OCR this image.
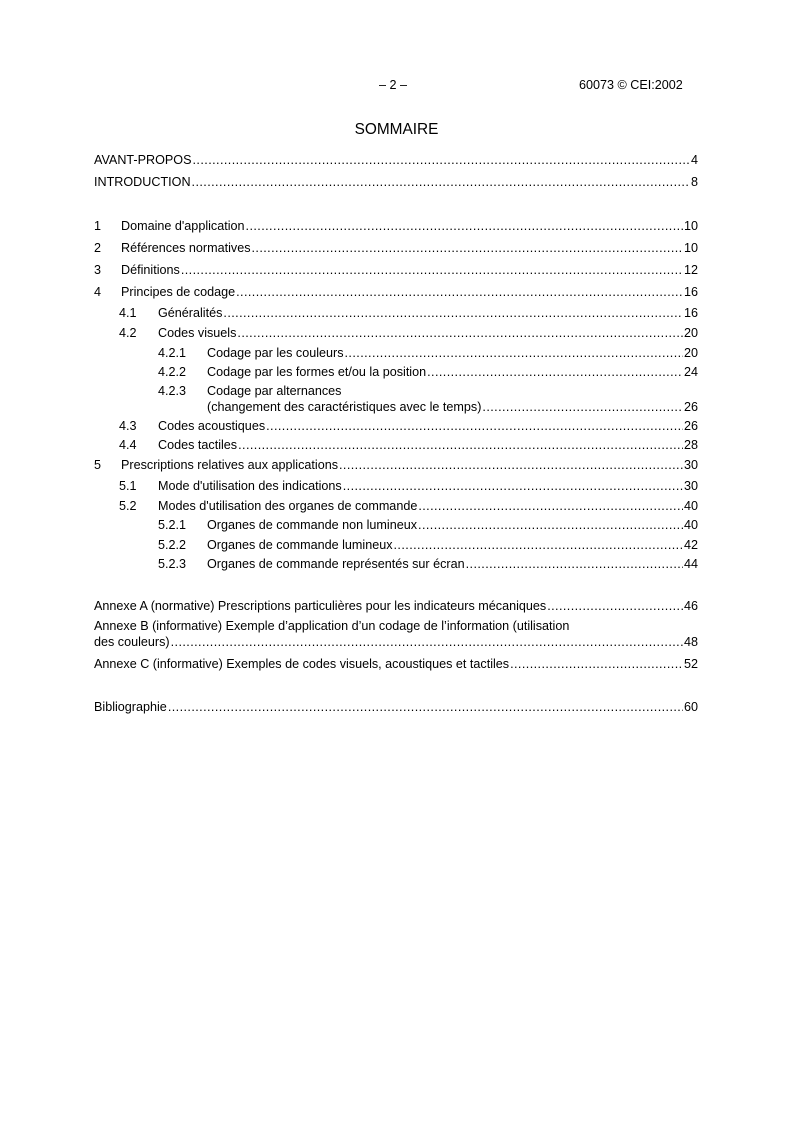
– 2 –	60073 © CEI:2002
SOMMAIRE
AVANT-PROPOS .....	4
INTRODUCTION .....	8
1	Domaine d'application .....	10
2	Références normatives .....	10
3	Définitions .....	12
4	Principes de codage .....	16
4.1	Généralités .....	16
4.2	Codes visuels .....	20
4.2.1	Codage par les couleurs .....	20
4.2.2	Codage par les formes et/ou la position .....	24
4.2.3 Codage par alternances
(changement des caractéristiques avec le temps) .....	26
4.3	Codes acoustiques .....	26
4.4	Codes tactiles .....	28
5	Prescriptions relatives aux applications .....	30
5.1	Mode d'utilisation des indications .....	30
5.2	Modes d'utilisation des organes de commande .....	40
5.2.1	Organes de commande non lumineux .....	40
5.2.2	Organes de commande lumineux .....	42
5.2.3	Organes de commande représentés sur écran .....	44
Annexe A (normative) Prescriptions particulières pour les indicateurs mécaniques .....	46
Annexe B (informative) Exemple d’application d’un codage de l’information (utilisation
des couleurs) .....	48
Annexe C (informative) Exemples de codes visuels, acoustiques et tactiles .....	52
Bibliographie .....	60
